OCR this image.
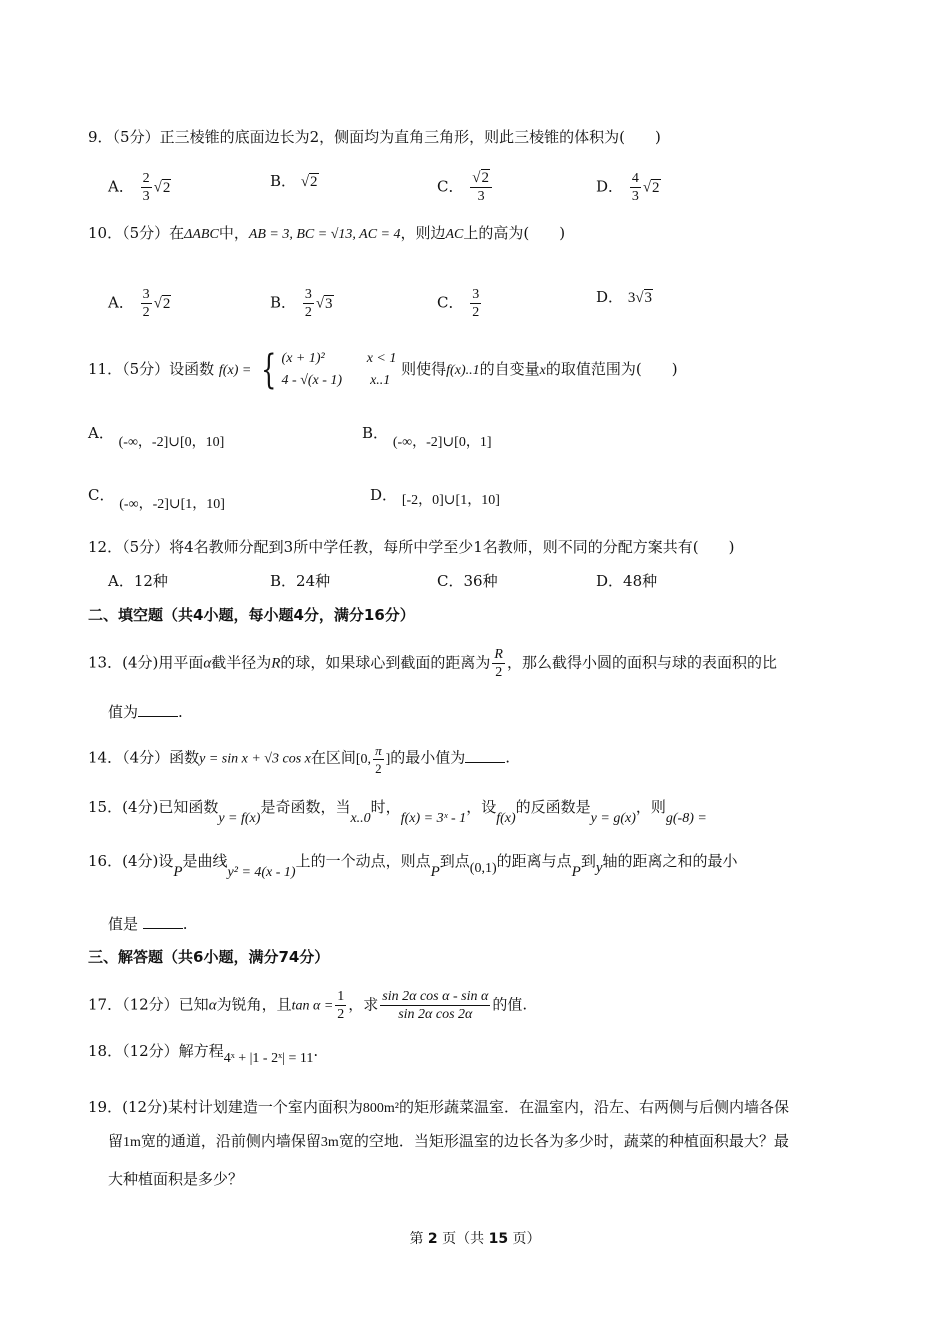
9．（5分）正三棱锥的底面边长为2，侧面均为直角三角形，则此三棱锥的体积为(　　)
A． $\frac{2}{3} √2$	B． √2	C． $\frac{√2}{3}$	D． $\frac{4}{3} √2$
10．（5分）在ΔABC中，AB = 3, BC = √13, AC = 4，则边AC上的高为(　　)
A． $\frac{3}{2} √2$	B． $\frac{3}{2} √3$	C． $\frac{3}{2}$	D． 3√3
11．（5分）设函数 f(x) = { (x + 1)²　　　x < 1
4 - √(x - 1)　　x..1
则使得f(x)..1的自变量x的取值范围为(　　)
A． (-∞，-2]∪[0，10]
B． (-∞，-2]∪[0，1]
C． (-∞，-2]∪[1，10]
D． [-2，0]∪[1，10]
12．（5分）将4名教师分配到3所中学任教，每所中学至少1名教师，则不同的分配方案共有(　　)
A．12种	B．24种	C．36种	D．48种
二、填空题（共4小题，每小题4分，满分16分）
13．(4分)用平面α截半径为R的球，如果球心到截面的距离为 $\frac{R}{2}$ ，那么截得小圆的面积与球的表面积的比
值为	.
14．（4分）函数y = sin x + √3 cos x在区间[0, $\frac{\pi}{2}$ ]的最小值为	.
15．(4分)已知函数y = f(x)是奇函数，当x..0时，f(x) = 3ˣ - 1，设f(x)的反函数是y = g(x)，则g(-8) =
16．(4分)设P是曲线y² = 4(x - 1)上的一个动点，则点P到点(0,1)的距离与点P到y轴的距离之和的最小
值是	.
三、解答题（共6小题，满分74分）
17．（12分）已知α为锐角，且$\tan \alpha = \frac{1}{2}$ ，求 $\frac{\text{sin 2α cos α - sin α}}{\text{sin 2α cos 2α}}$ 的值.
18．（12分）解方程4ˣ + |1 - 2ˣ| = 11.
19．(12分)某村计划建造一个室内面积为800m²的矩形蔬菜温室．在温室内，沿左、右两侧与后侧内墙各保
留1m宽的通道，沿前侧内墙保留3m宽的空地．当矩形温室的边长各为多少时，蔬菜的种植面积最大？最
大种植面积是多少？
第 2 页（共 15 页）
